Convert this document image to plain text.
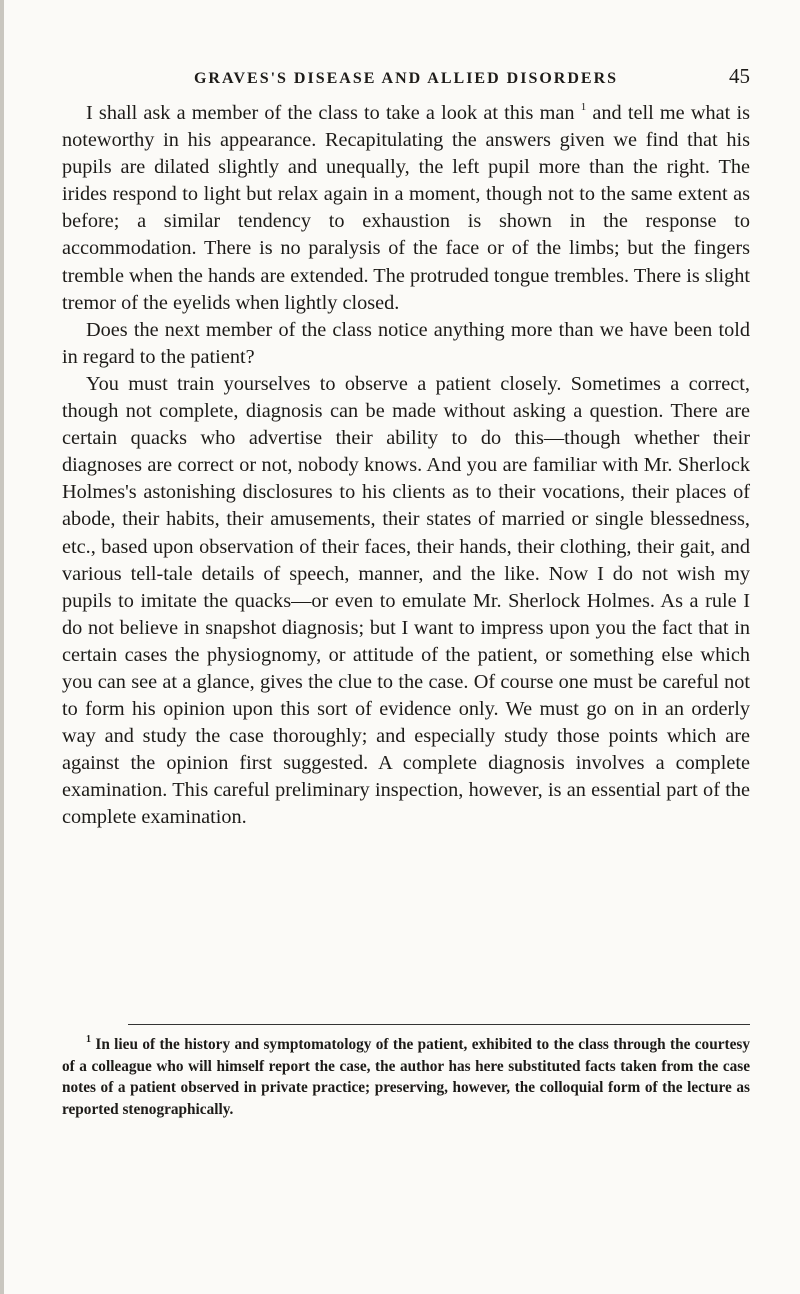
GRAVES'S DISEASE AND ALLIED DISORDERS	45

I shall ask a member of the class to take a look at this man $^1$ and tell me what is noteworthy in his appearance. Recapitulating the answers given we find that his pupils are dilated slightly and unequally, the left pupil more than the right. The irides respond to light but relax again in a moment, though not to the same extent as before; a similar tendency to exhaustion is shown in the response to accommodation. There is no paralysis of the face or of the limbs; but the fingers tremble when the hands are extended. The protruded tongue trembles. There is slight tremor of the eyelids when lightly closed.

Does the next member of the class notice anything more than we have been told in regard to the patient?

You must train yourselves to observe a patient closely. Sometimes a correct, though not complete, diagnosis can be made without asking a question. There are certain quacks who advertise their ability to do this—though whether their diagnoses are correct or not, nobody knows. And you are familiar with Mr. Sherlock Holmes's astonishing disclosures to his clients as to their vocations, their places of abode, their habits, their amusements, their states of married or single blessedness, etc., based upon observation of their faces, their hands, their clothing, their gait, and various tell-tale details of speech, manner, and the like. Now I do not wish my pupils to imitate the quacks—or even to emulate Mr. Sherlock Holmes. As a rule I do not believe in snapshot diagnosis; but I want to impress upon you the fact that in certain cases the physiognomy, or attitude of the patient, or something else which you can see at a glance, gives the clue to the case. Of course one must be careful not to form his opinion upon this sort of evidence only. We must go on in an orderly way and study the case thoroughly; and especially study those points which are against the opinion first suggested. A complete diagnosis involves a complete examination. This careful preliminary inspection, however, is an essential part of the complete examination.

$^1$ In lieu of the history and symptomatology of the patient, exhibited to the class through the courtesy of a colleague who will himself report the case, the author has here substituted facts taken from the case notes of a patient observed in private practice; preserving, however, the colloquial form of the lecture as reported stenographically.
